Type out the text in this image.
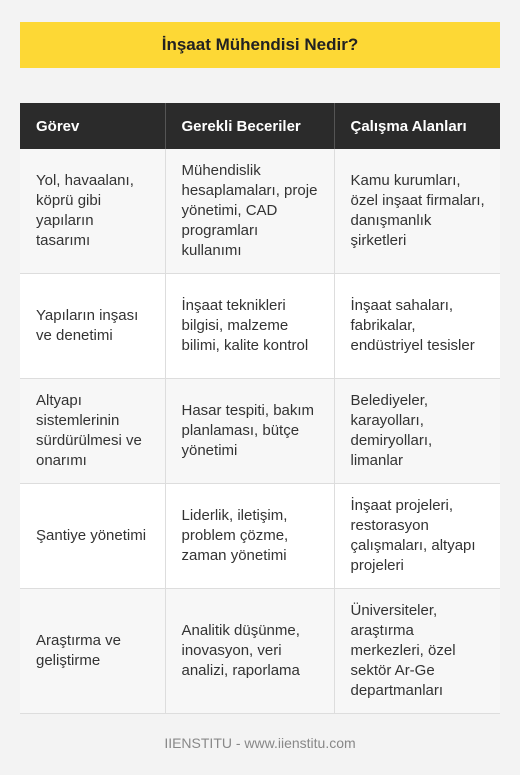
İnşaat Mühendisi Nedir?
Görev	Gerekli Beceriler	Çalışma Alanları
Yol, havaalanı, köprü gibi yapıların tasarımı	Mühendislik hesaplamaları, proje yönetimi, CAD programları kullanımı	Kamu kurumları, özel inşaat firmaları, danışmanlık şirketleri
Yapıların inşası ve denetimi	İnşaat teknikleri bilgisi, malzeme bilimi, kalite kontrol	İnşaat sahaları, fabrikalar, endüstriyel tesisler
Altyapı sistemlerinin sürdürülmesi ve onarımı	Hasar tespiti, bakım planlaması, bütçe yönetimi	Belediyeler, karayolları, demiryolları, limanlar
Şantiye yönetimi	Liderlik, iletişim, problem çözme, zaman yönetimi	İnşaat projeleri, restorasyon çalışmaları, altyapı projeleri
Araştırma ve geliştirme	Analitik düşünme, inovasyon, veri analizi, raporlama	Üniversiteler, araştırma merkezleri, özel sektör Ar-Ge departmanları
IIENSTITU - www.iienstitu.com
